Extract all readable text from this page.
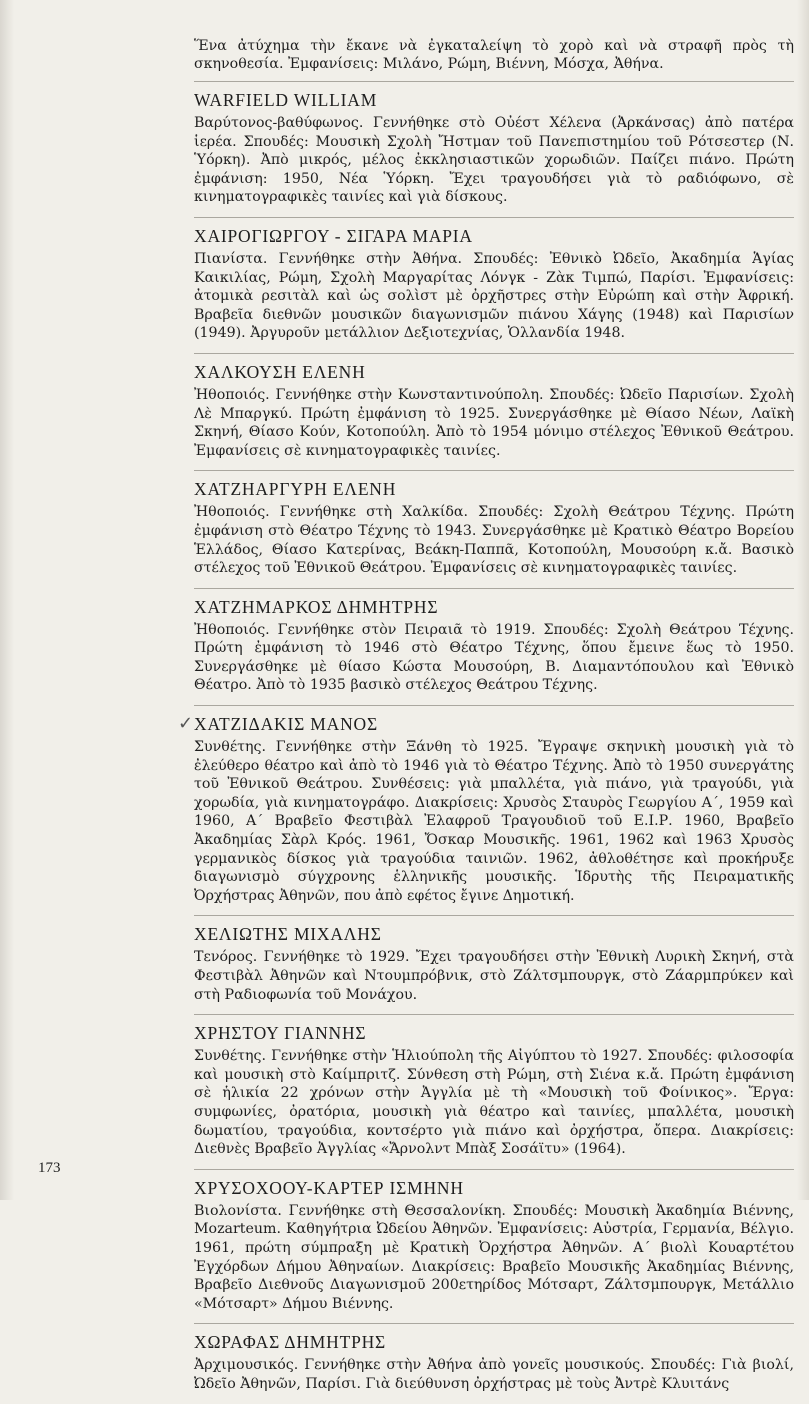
Ἕνα ἀτύχημα τὴν ἔκανε νὰ ἐγκαταλείψη τὸ χορὸ καὶ νὰ στραφῆ πρὸς τὴ σκηνοθεσία. Ἐμφανίσεις: Μιλάνο, Ρώμη, Βιέννη, Μόσχα, Ἀθήνα.

WARFIELD WILLIAM

Βαρύτονος-βαθύφωνος. Γεννήθηκε στὸ Οὐέστ Χέλενα (Ἀρκάνσας) ἀπὸ πατέρα ἱερέα. Σπουδές: Μουσικὴ Σχολὴ Ἤστμαν τοῦ Πανεπιστημίου τοῦ Ρότσεστερ (Ν. Ὑόρκη). Ἀπὸ μικρός, μέλος ἐκκλησιαστικῶν χορωδιῶν. Παίζει πιάνο. Πρώτη ἐμφάνιση: 1950, Νέα Ὑόρκη. Ἔχει τραγουδήσει γιὰ τὸ ραδιόφωνο, σὲ κινηματογραφικὲς ταινίες καὶ γιὰ δίσκους.

ΧΑΙΡΟΓΙΩΡΓΟΥ - ΣΙΓΑΡΑ ΜΑΡΙΑ

Πιανίστα. Γεννήθηκε στὴν Ἀθήνα. Σπουδές: Ἐθνικὸ Ὠδεῖο, Ἀκαδημία Ἁγίας Καικιλίας, Ρώμη, Σχολὴ Μαργαρίτας Λόνγκ - Ζὰκ Τιμπώ, Παρίσι. Ἐμφανίσεις: ἀτομικὰ ρεσιτὰλ καὶ ὡς σολὶστ μὲ ὀρχῆστρες στὴν Εὐρώπη καὶ στὴν Ἀφρική. Βραβεῖα διεθνῶν μουσικῶν διαγωνισμῶν πιάνου Χάγης (1948) καὶ Παρισίων (1949). Ἀργυροῦν μετάλλιον Δεξιοτεχνίας, Ὁλλανδία 1948.

ΧΑΛΚΟΥΣΗ ΕΛΕΝΗ

Ἠθοποιός. Γεννήθηκε στὴν Κωνσταντινούπολη. Σπουδές: Ὠδεῖο Παρισίων. Σχολὴ Λὲ Μπαργκύ. Πρώτη ἐμφάνιση τὸ 1925. Συνεργάσθηκε μὲ Θίασο Νέων, Λαϊκὴ Σκηνή, Θίασο Κούν, Κοτοπούλη. Ἀπὸ τὸ 1954 μόνιμο στέλεχος Ἐθνικοῦ Θεάτρου. Ἐμφανίσεις σὲ κινηματογραφικὲς ταινίες.

ΧΑΤΖΗΑΡΓΥΡΗ ΕΛΕΝΗ

Ἠθοποιός. Γεννήθηκε στὴ Χαλκίδα. Σπουδές: Σχολὴ Θεάτρου Τέχνης. Πρώτη ἐμφάνιση στὸ Θέατρο Τέχνης τὸ 1943. Συνεργάσθηκε μὲ Κρατικὸ Θέατρο Βορείου Ἑλλάδος, Θίασο Κατερίνας, Βεάκη-Παππᾶ, Κοτοπούλη, Μουσούρη κ.ἄ. Βασικὸ στέλεχος τοῦ Ἐθνικοῦ Θεάτρου. Ἐμφανίσεις σὲ κινηματογραφικὲς ταινίες.

ΧΑΤΖΗΜΑΡΚΟΣ ΔΗΜΗΤΡΗΣ

Ἠθοποιός. Γεννήθηκε στὸν Πειραιᾶ τὸ 1919. Σπουδές: Σχολὴ Θεάτρου Τέχνης. Πρώτη ἐμφάνιση τὸ 1946 στὸ Θέατρο Τέχνης, ὅπου ἔμεινε ἕως τὸ 1950. Συνεργάσθηκε μὲ θίασο Κώστα Μουσούρη, Β. Διαμαντόπουλου καὶ Ἐθνικὸ Θέατρο. Ἀπὸ τὸ 1935 βασικὸ στέλεχος Θεάτρου Τέχνης.

✓ ΧΑΤΖΙΔΑΚΙΣ ΜΑΝΟΣ

Συνθέτης. Γεννήθηκε στὴν Ξάνθη τὸ 1925. Ἔγραψε σκηνικὴ μουσικὴ γιὰ τὸ ἐλεύθερο θέατρο καὶ ἀπὸ τὸ 1946 γιὰ τὸ Θέατρο Τέχνης. Ἀπὸ τὸ 1950 συνεργάτης τοῦ Ἐθνικοῦ Θεάτρου. Συνθέσεις: γιὰ μπαλλέτα, γιὰ πιάνο, γιὰ τραγούδι, γιὰ χορωδία, γιὰ κινηματογράφο. Διακρίσεις: Χρυσὸς Σταυρὸς Γεωργίου Α΄, 1959 καὶ 1960, Α΄ Βραβεῖο Φεστιβὰλ Ἐλαφροῦ Τραγουδιοῦ τοῦ Ε.Ι.Ρ. 1960, Βραβεῖο Ἀκαδημίας Σὰρλ Κρός. 1961, Ὄσκαρ Μουσικῆς. 1961, 1962 καὶ 1963 Χρυσὸς γερμανικὸς δίσκος γιὰ τραγούδια ταινιῶν. 1962, ἀθλοθέτησε καὶ προκήρυξε διαγωνισμὸ σύγχρονης ἑλληνικῆς μουσικῆς. Ἱδρυτὴς τῆς Πειραματικῆς Ὀρχήστρας Ἀθηνῶν, που ἀπὸ εφέτος ἔγινε Δημοτική.

ΧΕΛΙΩΤΗΣ ΜΙΧΑΛΗΣ

Τενόρος. Γεννήθηκε τὸ 1929. Ἔχει τραγουδήσει στὴν Ἐθνικὴ Λυρικὴ Σκηνή, στὰ Φεστιβὰλ Ἀθηνῶν καὶ Ντουμπρόβνικ, στὸ Ζάλτσμπουργκ, στὸ Ζάαρμπρύκεν καὶ στὴ Ραδιοφωνία τοῦ Μονάχου.

ΧΡΗΣΤΟΥ ΓΙΑΝΝΗΣ

Συνθέτης. Γεννήθηκε στὴν Ἡλιούπολη τῆς Αἰγύπτου τὸ 1927. Σπουδές: φιλοσοφία καὶ μουσικὴ στὸ Καίμπριτζ. Σύνθεση στὴ Ρώμη, στὴ Σιένα κ.ἄ. Πρώτη ἐμφάνιση σὲ ἡλικία 22 χρόνων στὴν Ἀγγλία μὲ τὴ «Μουσικὴ τοῦ Φοίνικος». Ἔργα: συμφωνίες, ὀρατόρια, μουσικὴ γιὰ θέατρο καὶ ταινίες, μπαλλέτα, μουσικὴ δωματίου, τραγούδια, κοντσέρτο γιὰ πιάνο καὶ ὀρχήστρα, ὄπερα. Διακρίσεις: Διεθνὲς Βραβεῖο Ἀγγλίας «Ἄρνολντ Μπὰξ Σοσάϊτυ» (1964).

ΧΡΥΣΟΧΟΟΥ-ΚΑΡΤΕΡ ΙΣΜΗΝΗ

Βιολονίστα. Γεννήθηκε στὴ Θεσσαλονίκη. Σπουδές: Μουσικὴ Ἀκαδημία Βιέννης, Mozarteum. Καθηγήτρια Ὠδείου Ἀθηνῶν. Ἐμφανίσεις: Αὐστρία, Γερμανία, Βέλγιο. 1961, πρώτη σύμπραξη μὲ Κρατικὴ Ὀρχήστρα Ἀθηνῶν. Α΄ βιολὶ Κουαρτέτου Ἐγχόρδων Δήμου Ἀθηναίων. Διακρίσεις: Βραβεῖο Μουσικῆς Ἀκαδημίας Βιέννης, Βραβεῖο Διεθνοῦς Διαγωνισμοῦ 200ετηρίδος Μότσαρτ, Ζάλτσμπουργκ, Μετάλλιο «Μότσαρτ» Δήμου Βιέννης.

ΧΩΡΑΦΑΣ ΔΗΜΗΤΡΗΣ

Ἀρχιμουσικός. Γεννήθηκε στὴν Ἀθήνα ἀπὸ γονεῖς μουσικούς. Σπουδές: Γιὰ βιολί, Ὠδεῖο Ἀθηνῶν, Παρίσι. Γιὰ διεύθυνση ὀρχήστρας μὲ τοὺς Ἀντρὲ Κλυιτάνς

173
